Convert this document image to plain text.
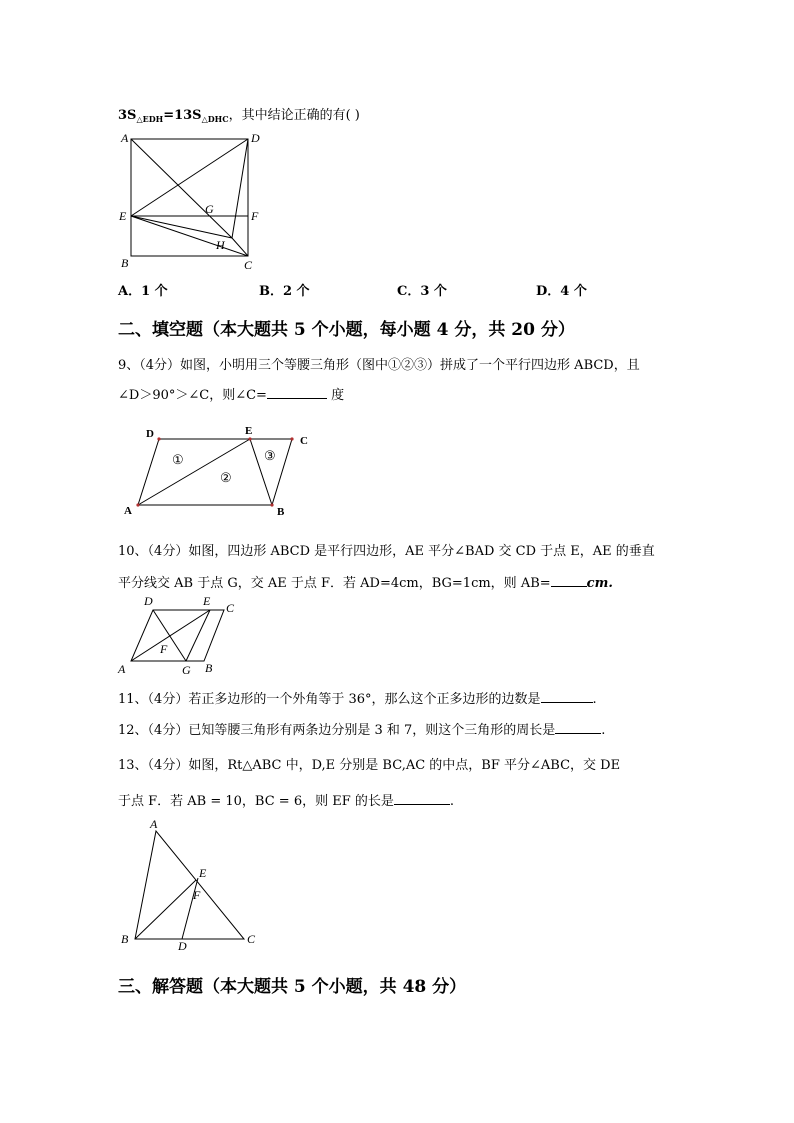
$3S_{\triangle EDH}=13S_{\triangle DHC}$，其中结论正确的有( )
A	D
E	G	F
H
B	C
A．1 个	B．2 个	C．3 个	D．4 个
二、填空题（本大题共 5 个小题，每小题 4 分，共 20 分）
9、（4分）如图，小明用三个等腰三角形（图中①②③）拼成了一个平行四边形 ABCD，且
∠D＞90°＞∠C，则∠C=	度
D	E
C
A	B
①
②
③
10、（4分）如图，四边形 ABCD 是平行四边形，AE 平分∠BAD 交 CD 于点 E，AE 的垂直
平分线交 AB 于点 G，交 AE 于点 F．若 AD=4cm，BG=1cm，则 AB=	cm.
D	E C
F
A	G B
11、（4分）若正多边形的一个外角等于 36°，那么这个正多边形的边数是	.
12、（4分）已知等腰三角形有两条边分别是 3 和 7，则这个三角形的周长是	.
13、（4分）如图，Rt△ABC 中，D,E 分别是 BC,AC 的中点，BF 平分∠ABC，交 DE
于点 F．若 AB = 10，BC = 6，则 EF 的长是	.
A
E
F
B	D	C
三、解答题（本大题共 5 个小题，共 48 分）
